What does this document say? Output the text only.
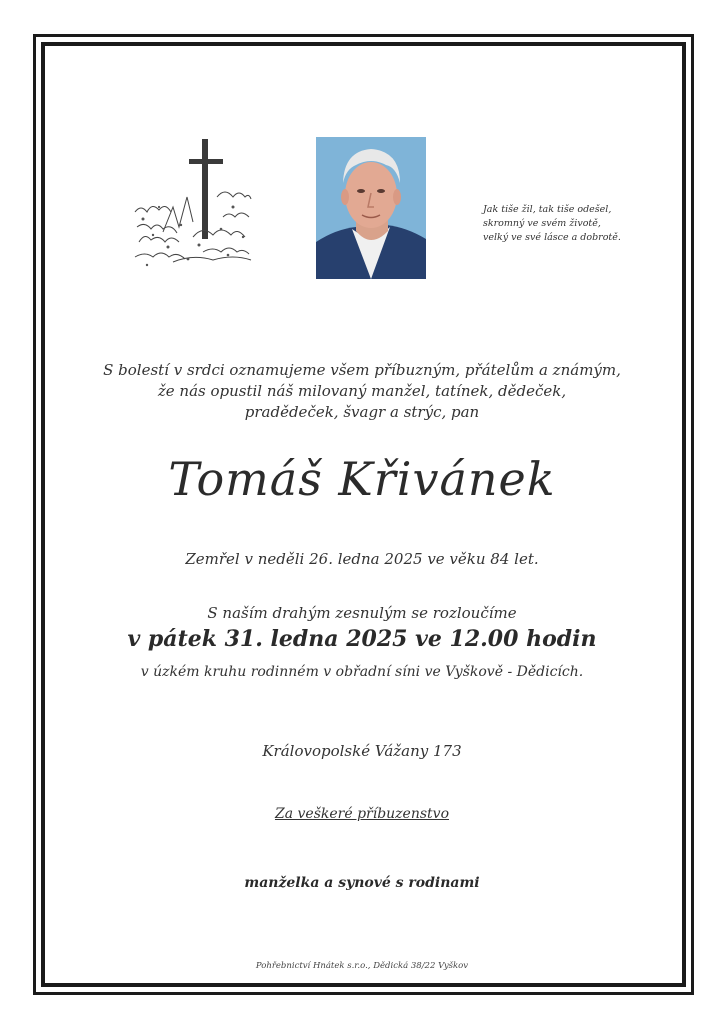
Jak tiše žil, tak tiše odešel,
skromný ve svém životě,
velký ve své lásce a dobrotě.
S bolestí v srdci oznamujeme všem příbuzným, přátelům a známým,
že nás opustil náš milovaný manžel, tatínek, dědeček,
pradědeček, švagr a strýc, pan
Tomáš Křivánek
Zemřel v neděli 26. ledna 2025 ve věku 84 let.
S naším drahým zesnulým se rozloučíme
v pátek 31. ledna 2025 ve 12.00 hodin
v úzkém kruhu rodinném v obřadní síni ve Vyškově - Dědicích.
Královopolské Vážany 173
Za veškeré příbuzenstvo
manželka a synové s rodinami
Pohřebnictví Hnátek s.r.o., Dědická 38/22 Vyškov
